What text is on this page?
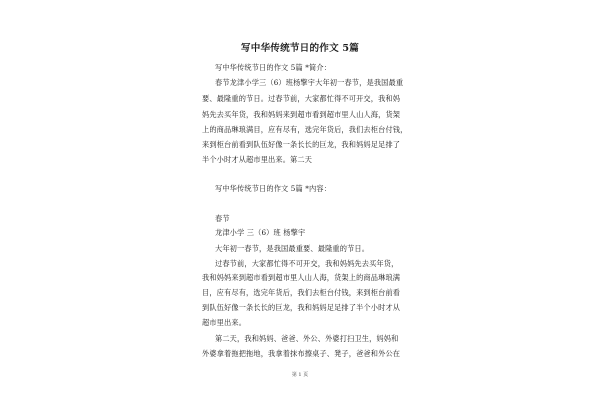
写中华传统节日的作文 5篇
写中华传统节日的作文 5篇 *简介：
春节龙津小学三（6）班杨擎宇大年初一春节，是我国最重
要、最隆重的节日。过春节前，大家都忙得不可开交，我和妈
妈先去买年货，我和妈妈来到超市看到超市里人山人海，货架
上的商品琳琅满目，应有尽有，选完年货后，我们去柜台付钱，
来到柜台前看到队伍好像一条长长的巨龙，我和妈妈足足排了
半个小时才从超市里出来。第二天
写中华传统节日的作文 5篇 *内容：
春节
龙津小学 三（6）班 杨擎宇
大年初一春节，是我国最重要、最隆重的节日。
过春节前，大家都忙得不可开交，我和妈妈先去买年货，
我和妈妈来到超市看到超市里人山人海，货架上的商品琳琅满
目，应有尽有，选完年货后，我们去柜台付钱，来到柜台前看
到队伍好像一条长长的巨龙，我和妈妈足足排了半个小时才从
超市里出来。
第二天，我和妈妈、爸爸、外公、外婆打扫卫生，妈妈和
外婆拿着拖把拖地，我拿着抹布擦桌子、凳子，爸爸和外公在
第 1 页
